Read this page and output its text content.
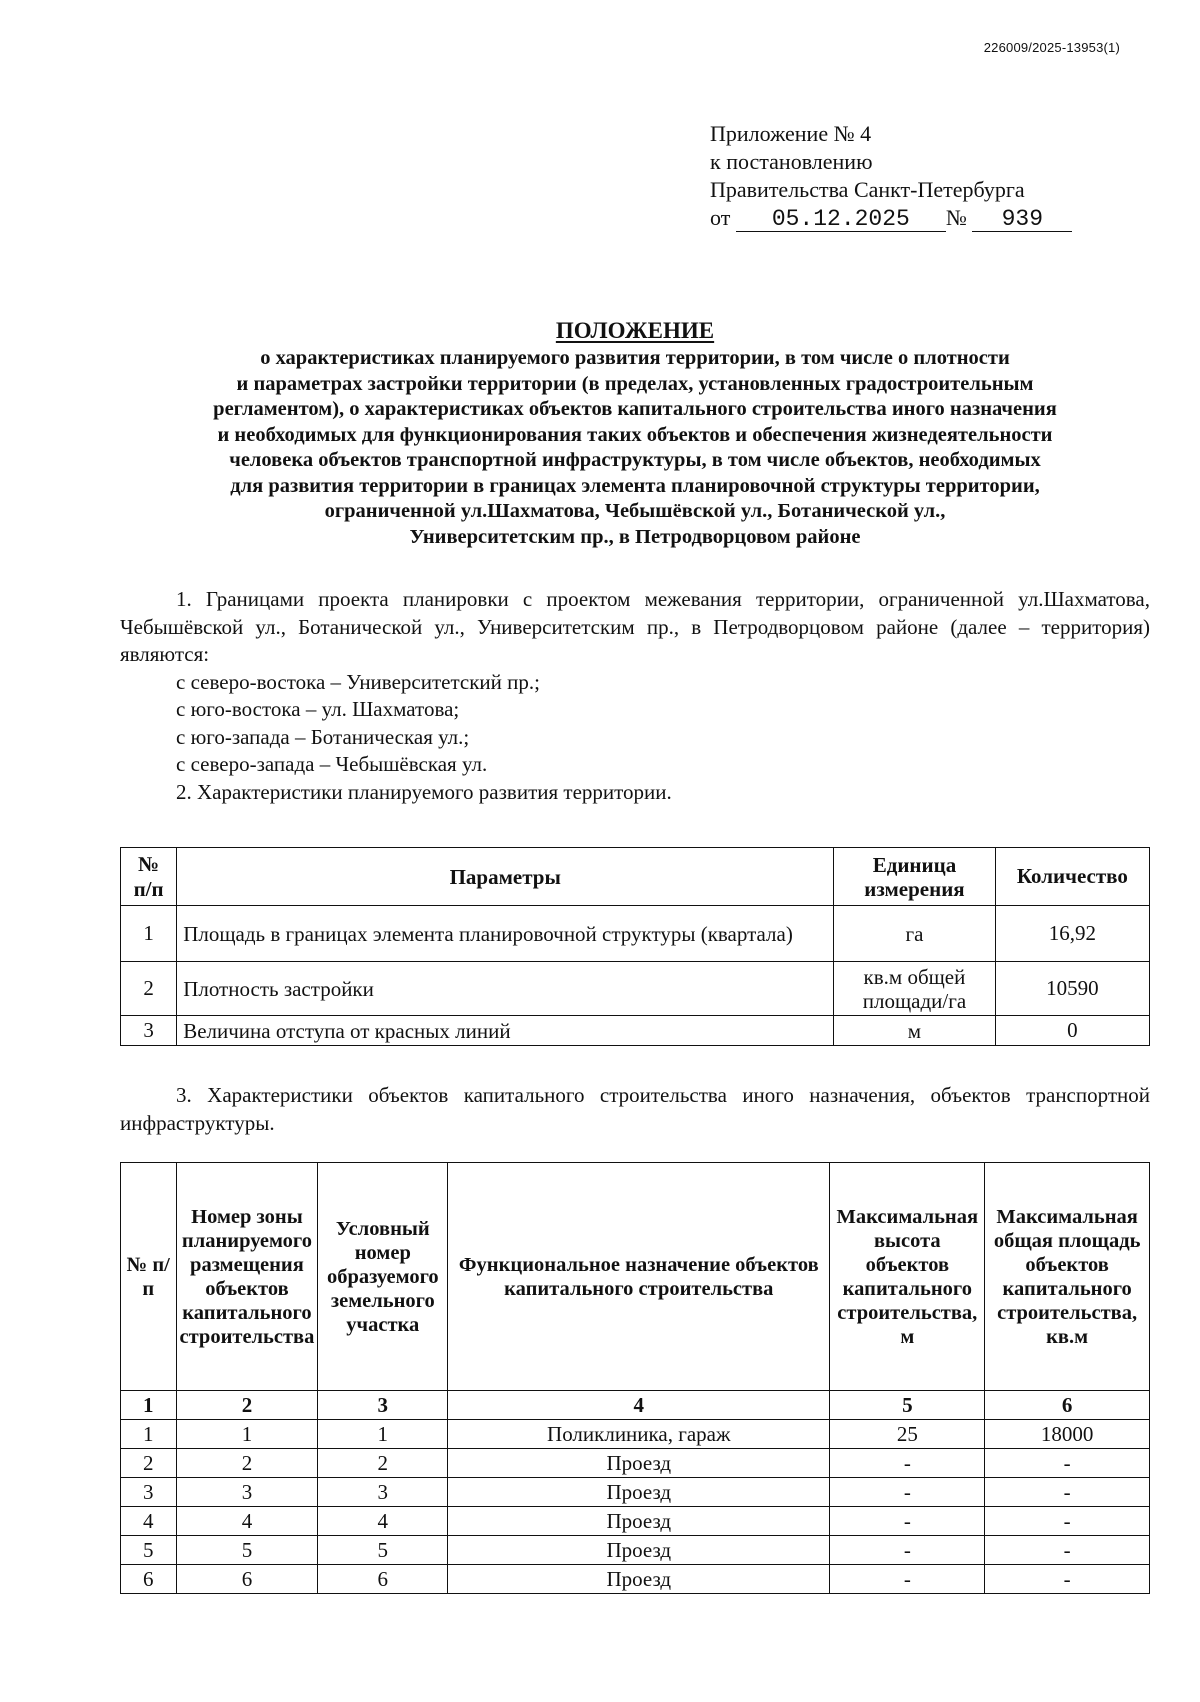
226009/2025-13953(1)
Приложение № 4
к постановлению
Правительства Санкт-Петербурга
от 05.12.2025 № 939
ПОЛОЖЕНИЕ
о характеристиках планируемого развития территории, в том числе о плотности
и параметрах застройки территории (в пределах, установленных градостроительным
регламентом), о характеристиках объектов капитального строительства иного назначения
и необходимых для функционирования таких объектов и обеспечения жизнедеятельности
человека объектов транспортной инфраструктуры, в том числе объектов, необходимых
для развития территории в границах элемента планировочной структуры территории,
ограниченной ул.Шахматова, Чебышёвской ул., Ботанической ул.,
Университетским пр., в Петродворцовом районе

1. Границами проекта планировки с проектом межевания территории, ограниченной ул.Шахматова, Чебышёвской ул., Ботанической ул., Университетским пр., в Петродворцовом районе (далее – территория) являются:

с северо-востока – Университетский пр.;

с юго-востока – ул. Шахматова;

с юго-запада – Ботаническая ул.;

с северо-запада – Чебышёвская ул.

2. Характеристики планируемого развития территории.

№ п/п	Параметры	Единица измерения	Количество
1	Площадь в границах элемента планировочной структуры (квартала)	га	16,92
2	Плотность застройки	кв.м общей площади/га	10590
3	Величина отступа от красных линий	м	0

3. Характеристики объектов капитального строительства иного назначения, объектов транспортной инфраструктуры.

№ п/п	Номер зоны планируемого размещения объектов капитального строительства	Условный номер образуемого земельного участка	Функциональное назначение объектов капитального строительства	Максимальная высота объектов капитального строительства, м	Максимальная общая площадь объектов капитального строительства, кв.м
1	2	3	4	5	6
1	1	1	Поликлиника, гараж	25	18000
2	2	2	Проезд	-	-
3	3	3	Проезд	-	-
4	4	4	Проезд	-	-
5	5	5	Проезд	-	-
6	6	6	Проезд	-	-
